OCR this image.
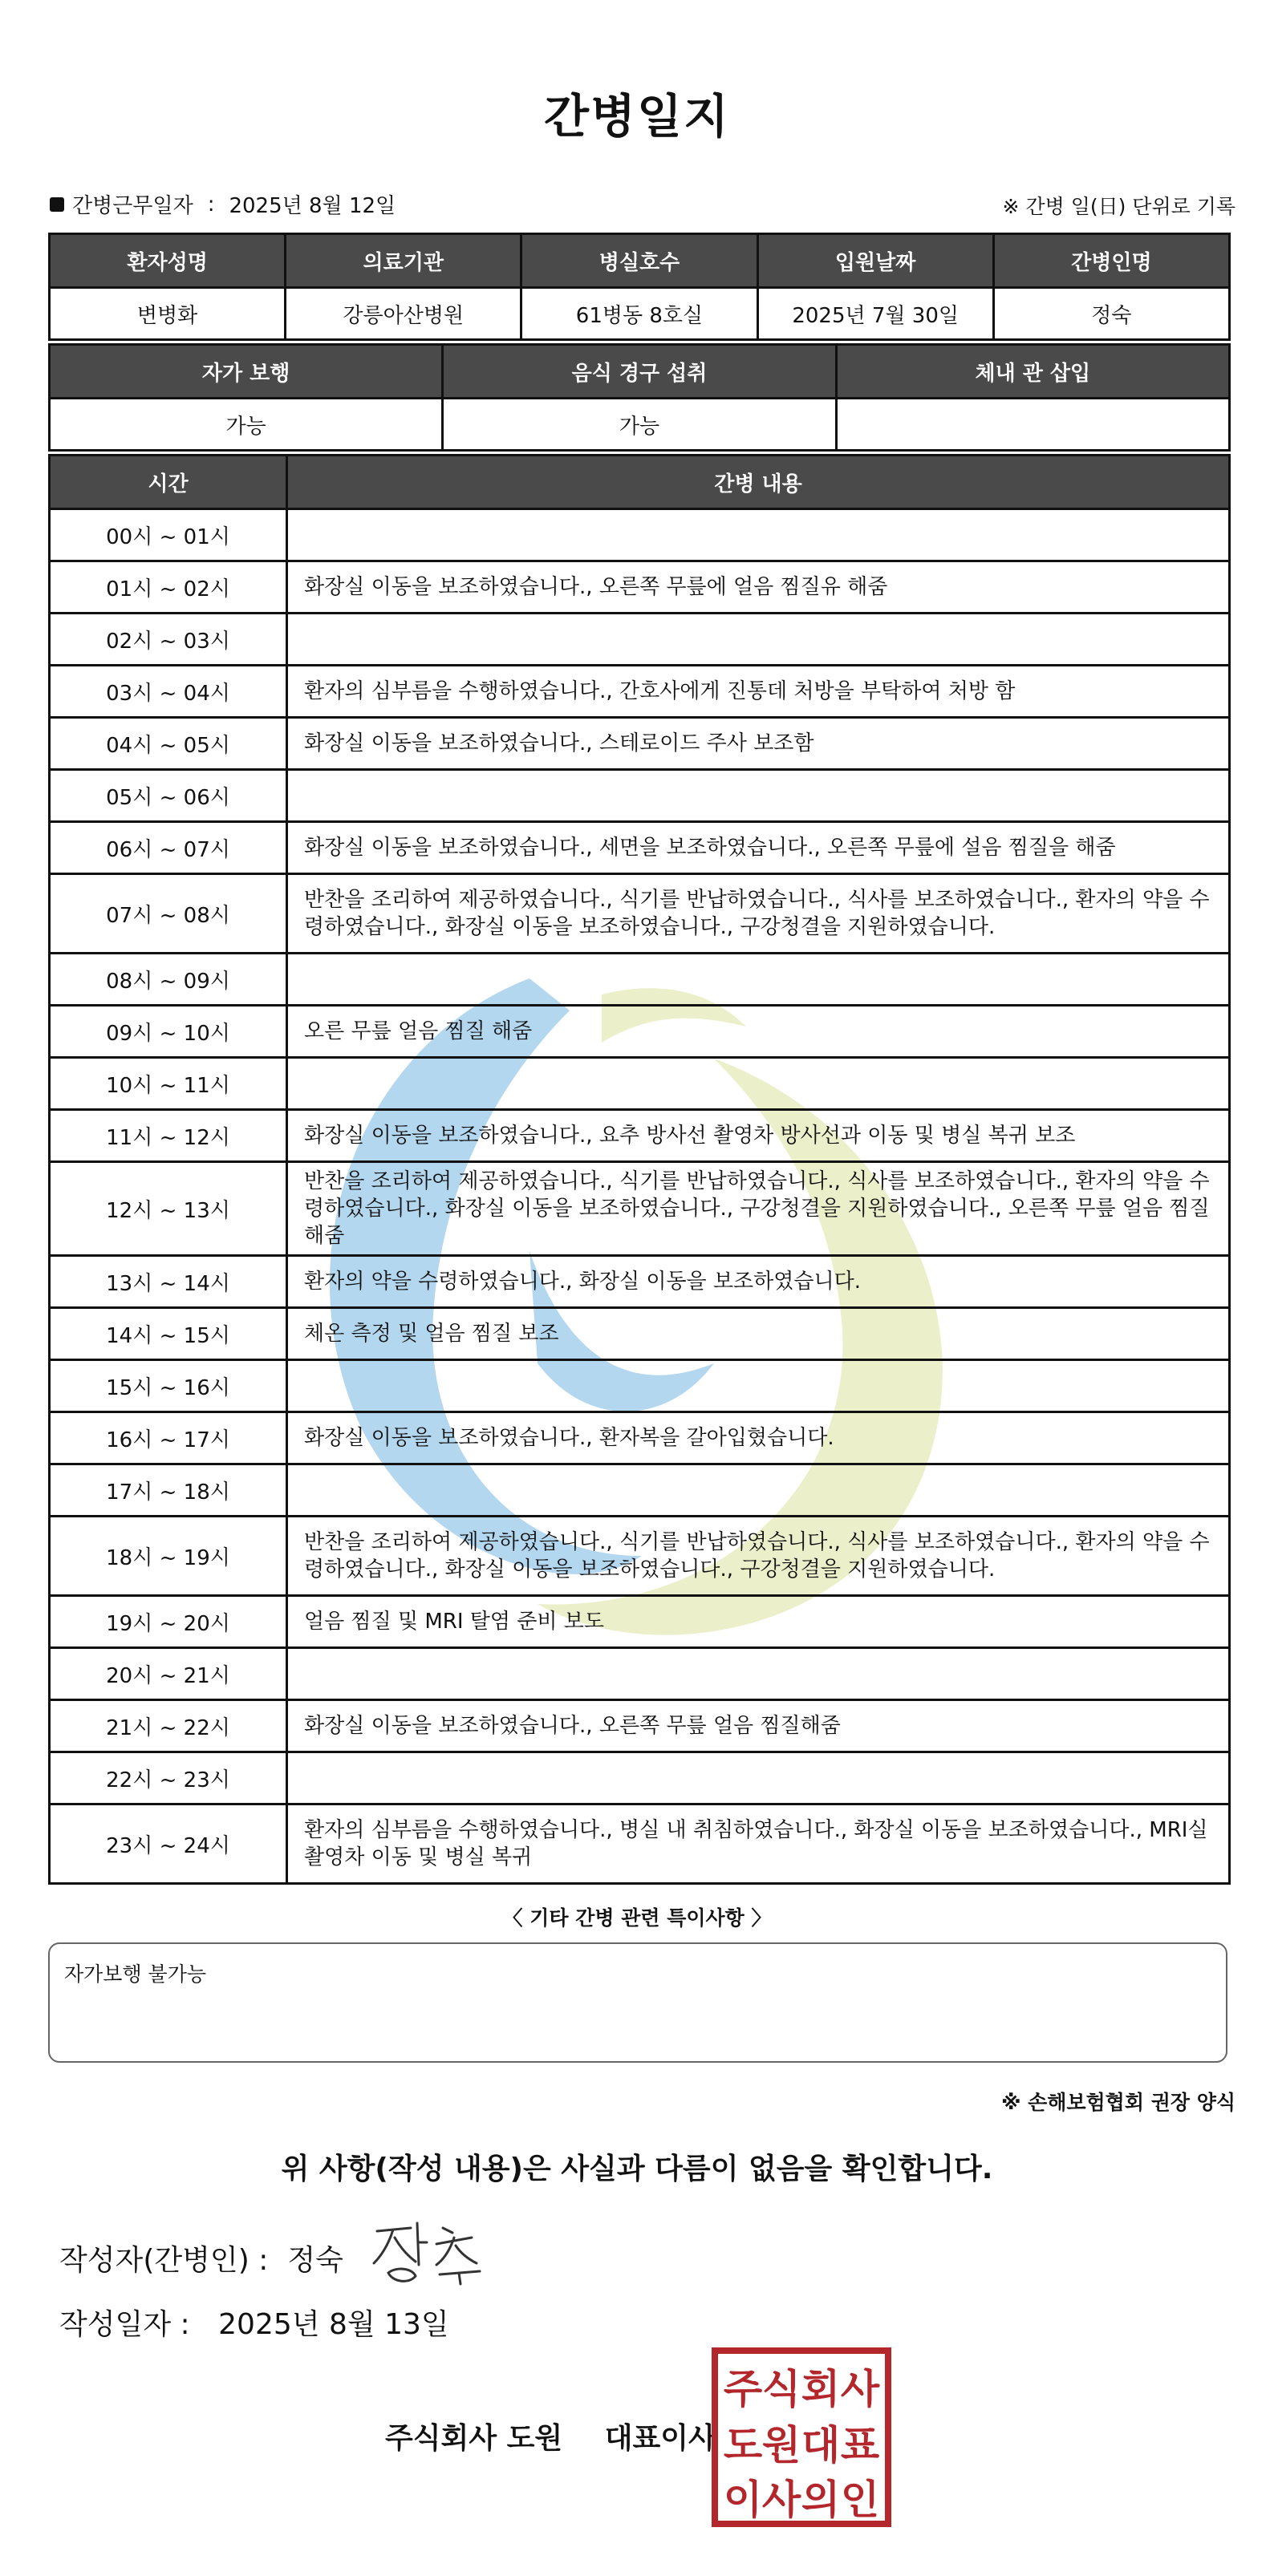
간병일지
간병근무일자 : 2025년 8월 12일	※ 간병 일(日) 단위로 기록
환자성명	의료기관	병실호수	입원날짜	간병인명
변병화	강릉아산병원	61병동 8호실	2025년 7월 30일	정숙
자가 보행	음식 경구 섭취	체내 관 삽입
가능	가능	
시간	간병 내용
00시 ~ 01시	
01시 ~ 02시	화장실 이동을 보조하였습니다., 오른쪽 무릎에 얼음 찜질유 해줌
02시 ~ 03시	
03시 ~ 04시	환자의 심부름을 수행하였습니다., 간호사에게 진통데 처방을 부탁하여 처방 함
04시 ~ 05시	화장실 이동을 보조하였습니다., 스테로이드 주사 보조함
05시 ~ 06시	
06시 ~ 07시	화장실 이동을 보조하였습니다., 세면을 보조하였습니다., 오른쪽 무릎에 설음 찜질을 해줌
07시 ~ 08시	반찬을 조리하여 제공하였습니다., 식기를 반납하였습니다., 식사를 보조하였습니다., 환자의 약을 수령하였습니다., 화장실 이동을 보조하였습니다., 구강청결을 지원하였습니다.
08시 ~ 09시	
09시 ~ 10시	오른 무릎 얼음 찜질 해줌
10시 ~ 11시	
11시 ~ 12시	화장실 이동을 보조하였습니다., 요추 방사선 촬영차 방사선과 이동 및 병실 복귀 보조
12시 ~ 13시	반찬을 조리하여 제공하였습니다., 식기를 반납하였습니다., 식사를 보조하였습니다., 환자의 약을 수령하였습니다., 화장실 이동을 보조하였습니다., 구강청결을 지원하였습니다., 오른쪽 무릎 얼음 찜질 해줌
13시 ~ 14시	환자의 약을 수령하였습니다., 화장실 이동을 보조하였습니다.
14시 ~ 15시	체온 측정 및 얼음 찜질 보조
15시 ~ 16시	
16시 ~ 17시	화장실 이동을 보조하였습니다., 환자복을 갈아입혔습니다.
17시 ~ 18시	
18시 ~ 19시	반찬을 조리하여 제공하였습니다., 식기를 반납하였습니다., 식사를 보조하였습니다., 환자의 약을 수령하였습니다., 화장실 이동을 보조하였습니다., 구강청결을 지원하였습니다.
19시 ~ 20시	얼음 찜질 및 MRI 탈염 준비 보도
20시 ~ 21시	
21시 ~ 22시	화장실 이동을 보조하였습니다., 오른쪽 무릎 얼음 찜질해줌
22시 ~ 23시	
23시 ~ 24시	환자의 심부름을 수행하였습니다., 병실 내 취침하였습니다., 화장실 이동을 보조하였습니다., MRI실 촬영차 이동 및 병실 복귀
〈 기타 간병 관련 특이사항 〉
자가보행 불가능
※ 손해보험협회 권장 양식
위 사항(작성 내용)은 사실과 다름이 없음을 확인합니다.
작성자(간병인) : 정숙
작성일자 : 2025년 8월 13일
주식회사 도원 대표이사
주 식 회 사
도 원 대 표
이 사 의 인
